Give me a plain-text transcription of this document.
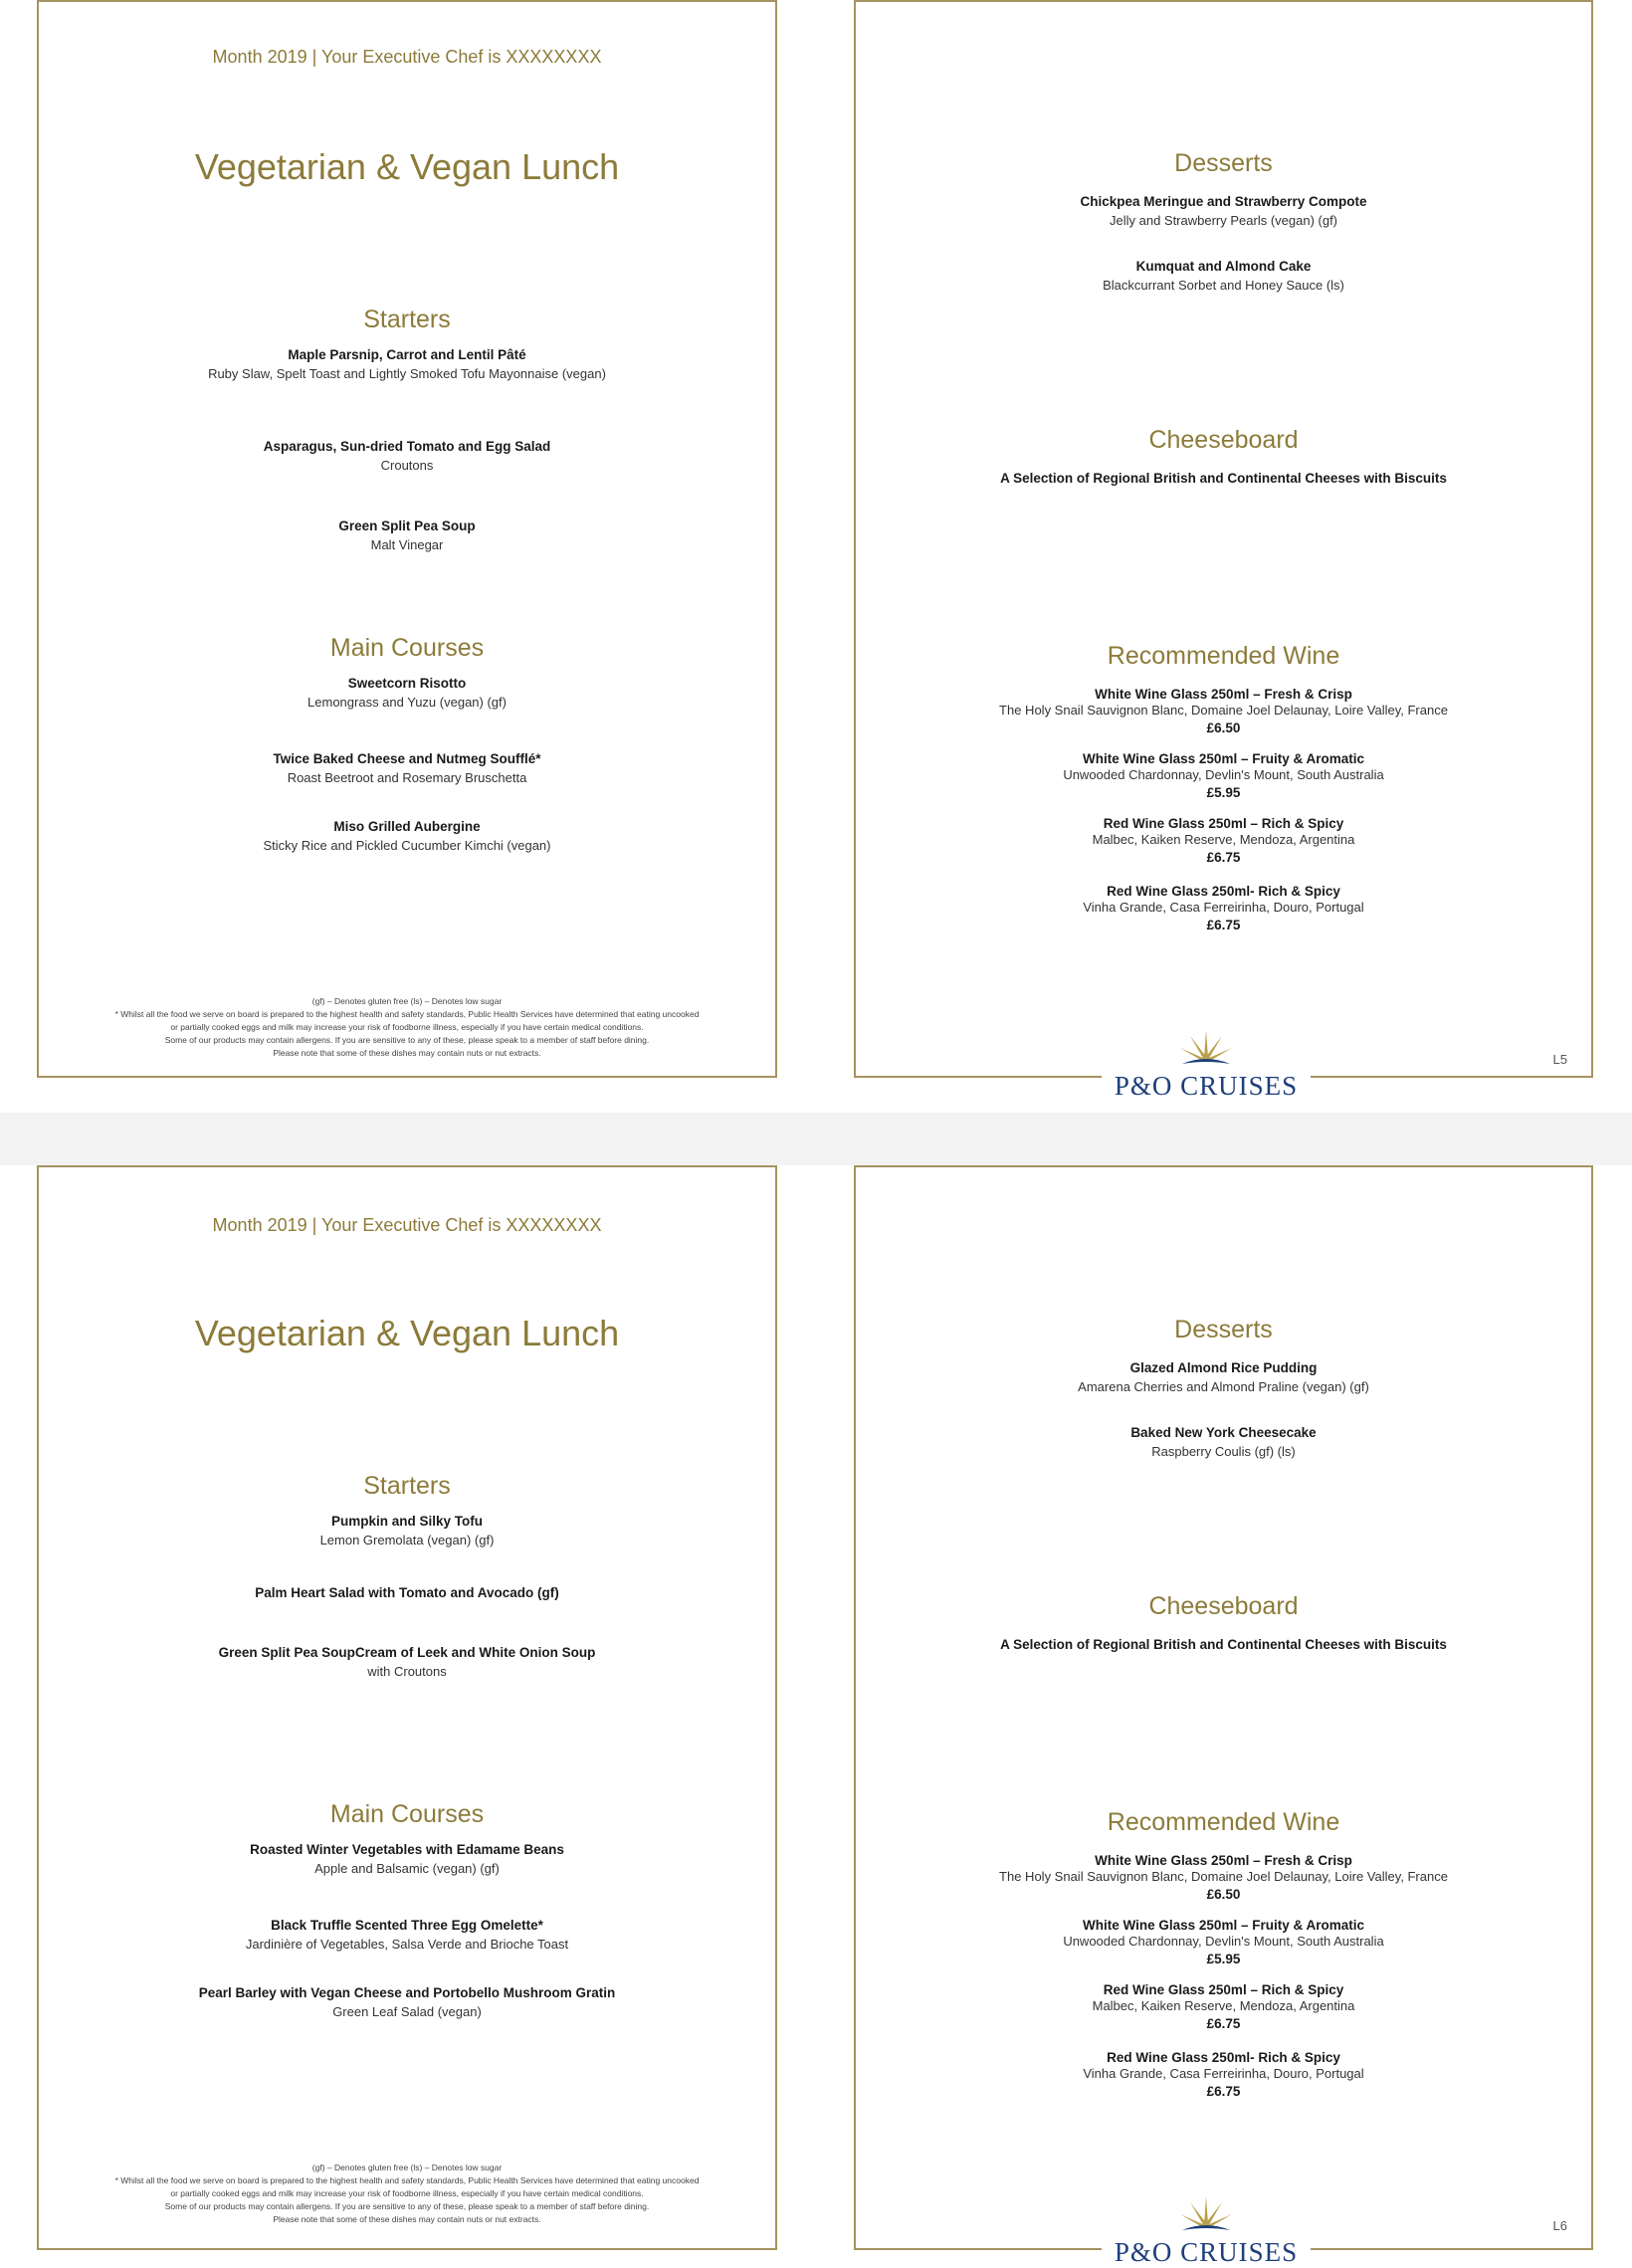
Month 2019 | Your Executive Chef is XXXXXXXX
Vegetarian & Vegan Lunch
Starters
Maple Parsnip, Carrot and Lentil Pâté
Ruby Slaw, Spelt Toast and Lightly Smoked Tofu Mayonnaise (vegan)
Asparagus, Sun-dried Tomato and Egg Salad
Croutons
Green Split Pea Soup
Malt Vinegar
Main Courses
Sweetcorn Risotto
Lemongrass and Yuzu (vegan) (gf)
Twice Baked Cheese and Nutmeg Soufflé*
Roast Beetroot and Rosemary Bruschetta
Miso Grilled Aubergine
Sticky Rice and Pickled Cucumber Kimchi (vegan)
(gf) – Denotes gluten free (ls) – Denotes low sugar
* Whilst all the food we serve on board is prepared to the highest health and safety standards, Public Health Services have determined that eating uncooked
or partially cooked eggs and milk may increase your risk of foodborne illness, especially if you have certain medical conditions.
Some of our products may contain allergens. If you are sensitive to any of these, please speak to a member of staff before dining.
Please note that some of these dishes may contain nuts or nut extracts.
Desserts
Chickpea Meringue and Strawberry Compote
Jelly and Strawberry Pearls (vegan) (gf)
Kumquat and Almond Cake
Blackcurrant Sorbet and Honey Sauce (ls)
Cheeseboard
A Selection of Regional British and Continental Cheeses with Biscuits
Recommended Wine
White Wine Glass 250ml – Fresh & Crisp
The Holy Snail Sauvignon Blanc, Domaine Joel Delaunay, Loire Valley, France
£6.50
White Wine Glass 250ml – Fruity & Aromatic
Unwooded Chardonnay, Devlin's Mount, South Australia
£5.95
Red Wine Glass 250ml – Rich & Spicy
Malbec, Kaiken Reserve, Mendoza, Argentina
£6.75
Red Wine Glass 250ml- Rich & Spicy
Vinha Grande, Casa Ferreirinha, Douro, Portugal
£6.75
L5
P&O CRUISES
Month 2019 | Your Executive Chef is XXXXXXXX
Vegetarian & Vegan Lunch
Starters
Pumpkin and Silky Tofu
Lemon Gremolata (vegan) (gf)
Palm Heart Salad with Tomato and Avocado (gf)
Green Split Pea SoupCream of Leek and White Onion Soup
with Croutons
Main Courses
Roasted Winter Vegetables with Edamame Beans
Apple and Balsamic (vegan) (gf)
Black Truffle Scented Three Egg Omelette*
Jardinière of Vegetables, Salsa Verde and Brioche Toast
Pearl Barley with Vegan Cheese and Portobello Mushroom Gratin
Green Leaf Salad (vegan)
(gf) – Denotes gluten free (ls) – Denotes low sugar
* Whilst all the food we serve on board is prepared to the highest health and safety standards, Public Health Services have determined that eating uncooked
or partially cooked eggs and milk may increase your risk of foodborne illness, especially if you have certain medical conditions.
Some of our products may contain allergens. If you are sensitive to any of these, please speak to a member of staff before dining.
Please note that some of these dishes may contain nuts or nut extracts.
Desserts
Glazed Almond Rice Pudding
Amarena Cherries and Almond Praline (vegan) (gf)
Baked New York Cheesecake
Raspberry Coulis (gf) (ls)
Cheeseboard
A Selection of Regional British and Continental Cheeses with Biscuits
Recommended Wine
White Wine Glass 250ml – Fresh & Crisp
The Holy Snail Sauvignon Blanc, Domaine Joel Delaunay, Loire Valley, France
£6.50
White Wine Glass 250ml – Fruity & Aromatic
Unwooded Chardonnay, Devlin's Mount, South Australia
£5.95
Red Wine Glass 250ml – Rich & Spicy
Malbec, Kaiken Reserve, Mendoza, Argentina
£6.75
Red Wine Glass 250ml- Rich & Spicy
Vinha Grande, Casa Ferreirinha, Douro, Portugal
£6.75
L6
P&O CRUISES
